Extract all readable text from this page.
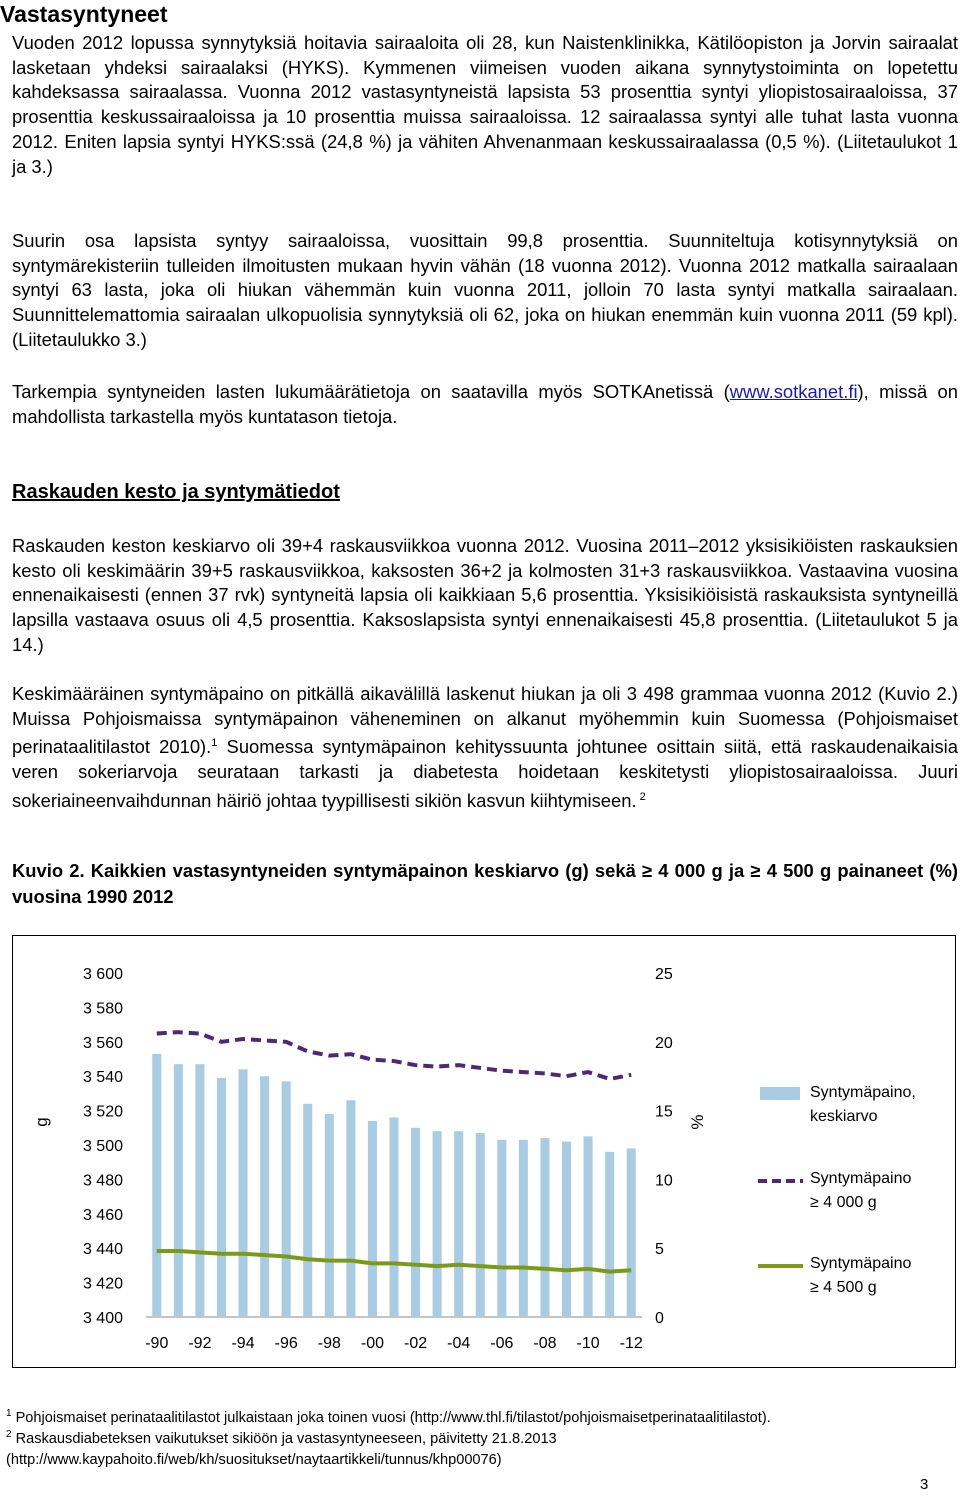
Vastasyntyneet

Vuoden 2012 lopussa synnytyksiä hoitavia sairaaloita oli 28, kun Naistenklinikka, Kätilöopiston ja Jorvin sairaalat lasketaan yhdeksi sairaalaksi (HYKS). Kymmenen viimeisen vuoden aikana synnytystoiminta on lopetettu kahdeksassa sairaalassa. Vuonna 2012 vastasyntyneistä lapsista 53 prosenttia syntyi yliopistosairaaloissa, 37 prosenttia keskussairaaloissa ja 10 prosenttia muissa sairaaloissa. 12 sairaalassa syntyi alle tuhat lasta vuonna 2012. Eniten lapsia syntyi HYKS:ssä (24,8 %) ja vähiten Ahvenanmaan keskussairaalassa (0,5 %). (Liitetaulukot 1 ja 3.)

Suurin osa lapsista syntyy sairaaloissa, vuosittain 99,8 prosenttia. Suunniteltuja kotisynnytyksiä on syntymärekisteriin tulleiden ilmoitusten mukaan hyvin vähän (18 vuonna 2012). Vuonna 2012 matkalla sairaalaan syntyi 63 lasta, joka oli hiukan vähemmän kuin vuonna 2011, jolloin 70 lasta syntyi matkalla sairaalaan. Suunnittelemattomia sairaalan ulkopuolisia synnytyksiä oli 62, joka on hiukan enemmän kuin vuonna 2011 (59 kpl). (Liitetaulukko 3.)

Tarkempia syntyneiden lasten lukumäärätietoja on saatavilla myös SOTKAnetissä (www.sotkanet.fi), missä on mahdollista tarkastella myös kuntatason tietoja.

Raskauden kesto ja syntymätiedot

Raskauden keston keskiarvo oli 39+4 raskausviikkoa vuonna 2012. Vuosina 2011–2012 yksisikiöisten raskauksien kesto oli keskimäärin 39+5 raskausviikkoa, kaksosten 36+2 ja kolmosten 31+3 raskausviikkoa. Vastaavina vuosina ennenaikaisesti (ennen 37 rvk) syntyneitä lapsia oli kaikkiaan 5,6 prosenttia. Yksisikiöisistä raskauksista syntyneillä lapsilla vastaava osuus oli 4,5 prosenttia. Kaksoslapsista syntyi ennenaikaisesti 45,8 prosenttia. (Liitetaulukot 5 ja 14.)

Keskimääräinen syntymäpaino on pitkällä aikavälillä laskenut hiukan ja oli 3 498 grammaa vuonna 2012 (Kuvio 2.) Muissa Pohjoismaissa syntymäpainon väheneminen on alkanut myöhemmin kuin Suomessa (Pohjoismaiset perinataalitilastot 2010).$^1$ Suomessa syntymäpainon kehityssuunta johtunee osittain siitä, että raskaudenaikaisia veren sokeriarvoja seurataan tarkasti ja diabetesta hoidetaan keskitetysti yliopistosairaaloissa. Juuri sokeriaineenvaihdunnan häiriö johtaa tyypillisesti sikiön kasvun kiihtymiseen. $^2$

Kuvio 2. Kaikkien vastasyntyneiden syntymäpainon keskiarvo (g) sekä ≥ 4 000 g ja ≥ 4 500 g painaneet (%) vuosina 1990 2012

3 600
3 580
3 560
3 540
3 520
3 500
3 480
3 460
3 440
3 420
3 400
25
20
15
10
5
0
g	%
-90 -92 -94 -96 -98 -00 -02 -04 -06 -08 -10 -12
Syntymäpaino,
keskiarvo
Syntymäpaino
≥ 4 000 g
Syntymäpaino
≥ 4 500 g

$^1$ Pohjoismaiset perinataalitilastot julkaistaan joka toinen vuosi (http://www.thl.fi/tilastot/pohjoismaisetperinataalitilastot).

$^2$ Raskausdiabeteksen vaikutukset sikiöön ja vastasyntyneeseen, päivitetty 21.8.2013

(http://www.kaypahoito.fi/web/kh/suositukset/naytaartikkeli/tunnus/khp00076)

3
